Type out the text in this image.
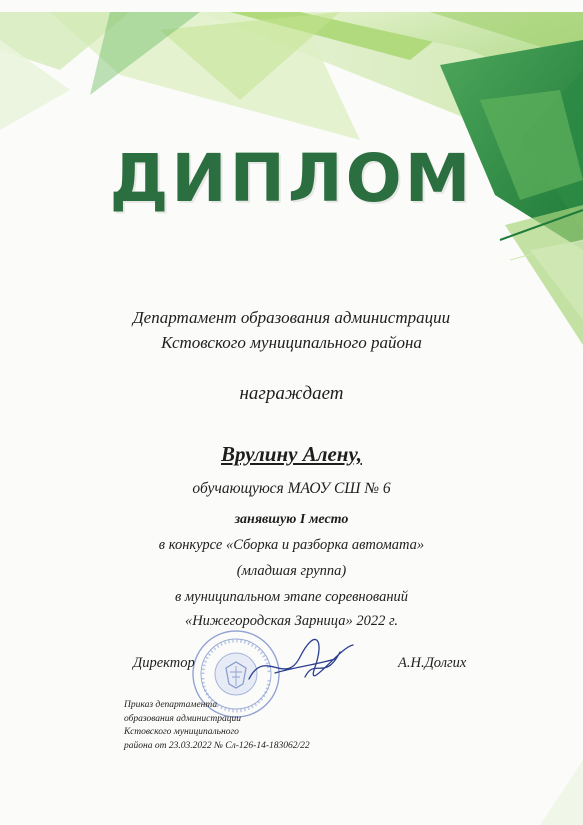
ДИПЛОМ
Департамент образования администрации
Кстовского муниципального района
награждает
Врулину Алену,
обучающуюся МАОУ СШ № 6
занявшую I место
в конкурсе «Сборка и разборка автомата»
(младшая группа)
в муниципальном этапе соревнований
«Нижегородская Зарница» 2022 г.
Директор	А.Н.Долгих
Приказ департамента
образования администрации
Кстовского муниципального
района от 23.03.2022 № Сл-126-14-183062/22
